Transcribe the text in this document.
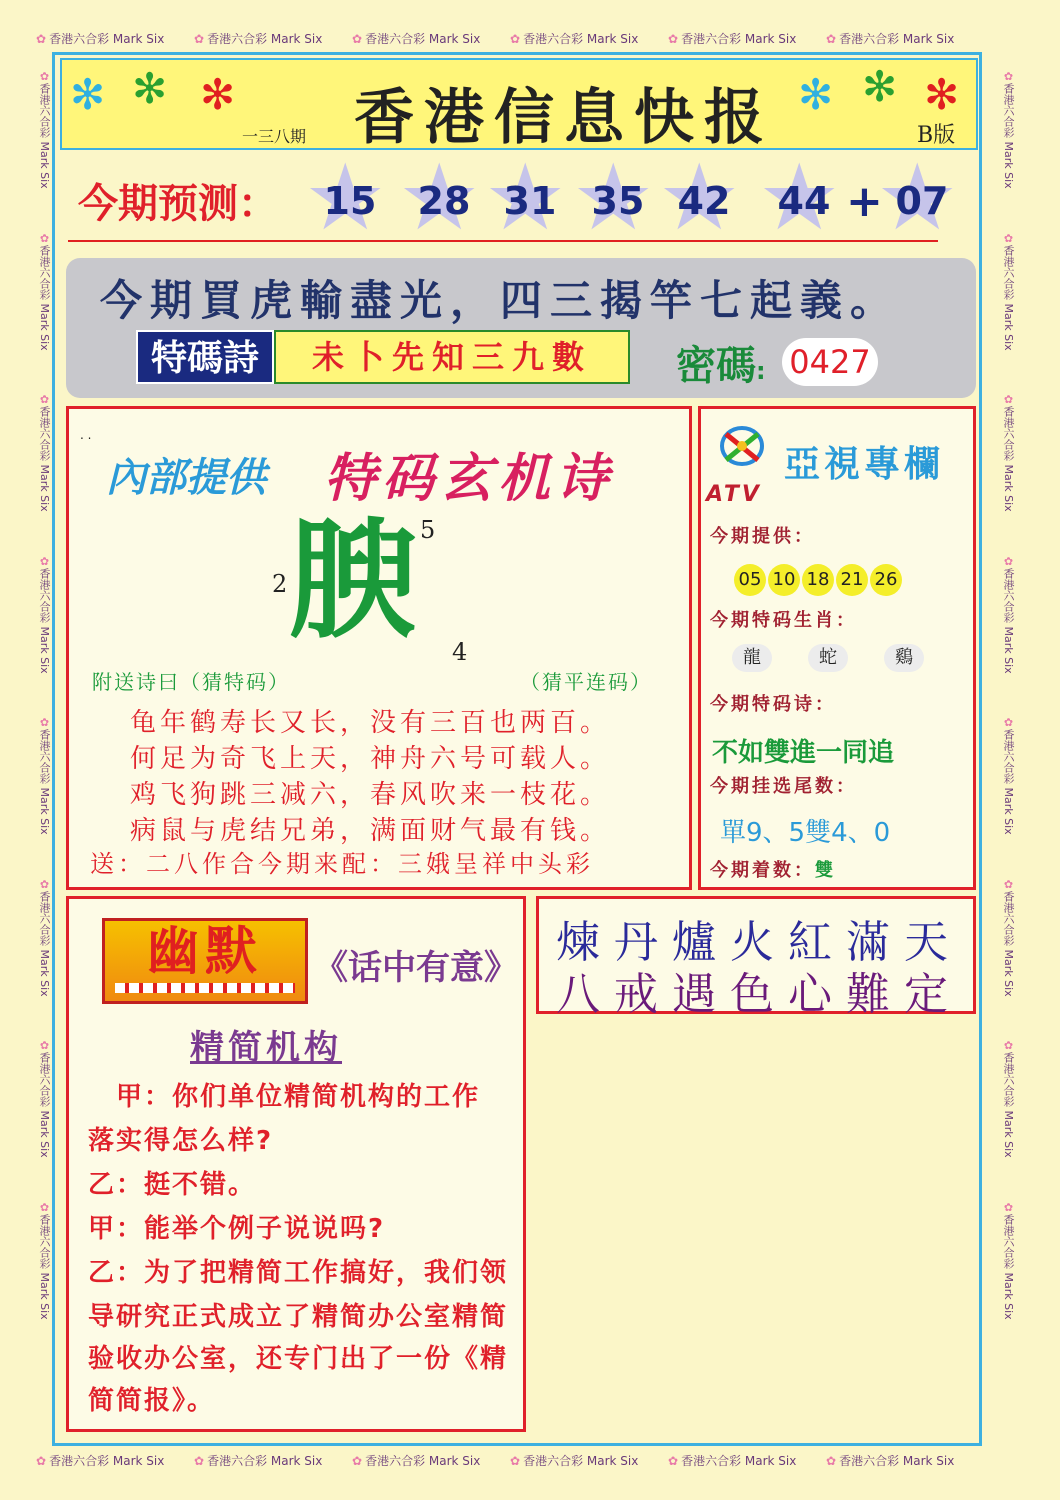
✿ 香港六合彩 Mark Six	✿ 香港六合彩 Mark Six	✿ 香港六合彩 Mark Six	✿ 香港六合彩 Mark Six	✿ 香港六合彩 Mark Six	✿ 香港六合彩 Mark Six
✿ 香港六合彩 Mark Six	✿ 香港六合彩 Mark Six	✿ 香港六合彩 Mark Six	✿ 香港六合彩 Mark Six	✿ 香港六合彩 Mark Six	✿ 香港六合彩 Mark Six
✿香港六合彩 Mark Six ✿香港六合彩 Mark Six ✿香港六合彩 Mark Six ✿香港六合彩 Mark Six ✿香港六合彩 Mark Six ✿香港六合彩 Mark Six ✿香港六合彩 Mark Six ✿香港六合彩 Mark Six
✿香港六合彩 Mark Six ✿香港六合彩 Mark Six ✿香港六合彩 Mark Six ✿香港六合彩 Mark Six ✿香港六合彩 Mark Six ✿香港六合彩 Mark Six ✿香港六合彩 Mark Six ✿香港六合彩 Mark Six
✻ ✻ ✻ 香港信息快报
一三八期	B版
✻ ✻ ✻
今期预测：	★ 15	★ 28 ★ 31 ★ 35 ★ 42	★ 44 + ★ 07
今期買虎輸盡光，四三揭竿七起義。
特碼詩	未卜先知三九數	密碼: 0427
. .
內部提供 特码玄机诗
腴 5
2
4
附送诗曰（猜特码）	（猜平连码）
龟年鹤寿长又长，没有三百也两百。
何足为奇飞上天，神舟六号可载人。
鸡飞狗跳三减六，春风吹来一枝花。
病鼠与虎结兄弟，满面财气最有钱。
送：二八作合今期来配：三娥呈祥中头彩
ATV
亞視專欄
今期提供：
05 10 18 21 26
今期特码生肖：
龍	蛇	鷄
今期特码诗：
不如雙進一同追
今期挂选尾数：
單9、5雙4、0
今期着数：雙
幽默	《话中有意》
精简机构
　甲：你们单位精简机构的工作
落实得怎么样?
乙：挺不错。
甲：能举个例子说说吗?
乙：为了把精简工作搞好，我们领
导研究正式成立了精简办公室精简
验收办公室，还专门出了一份《精
简简报》。
煉丹爐火紅滿天
八戒遇色心難定
